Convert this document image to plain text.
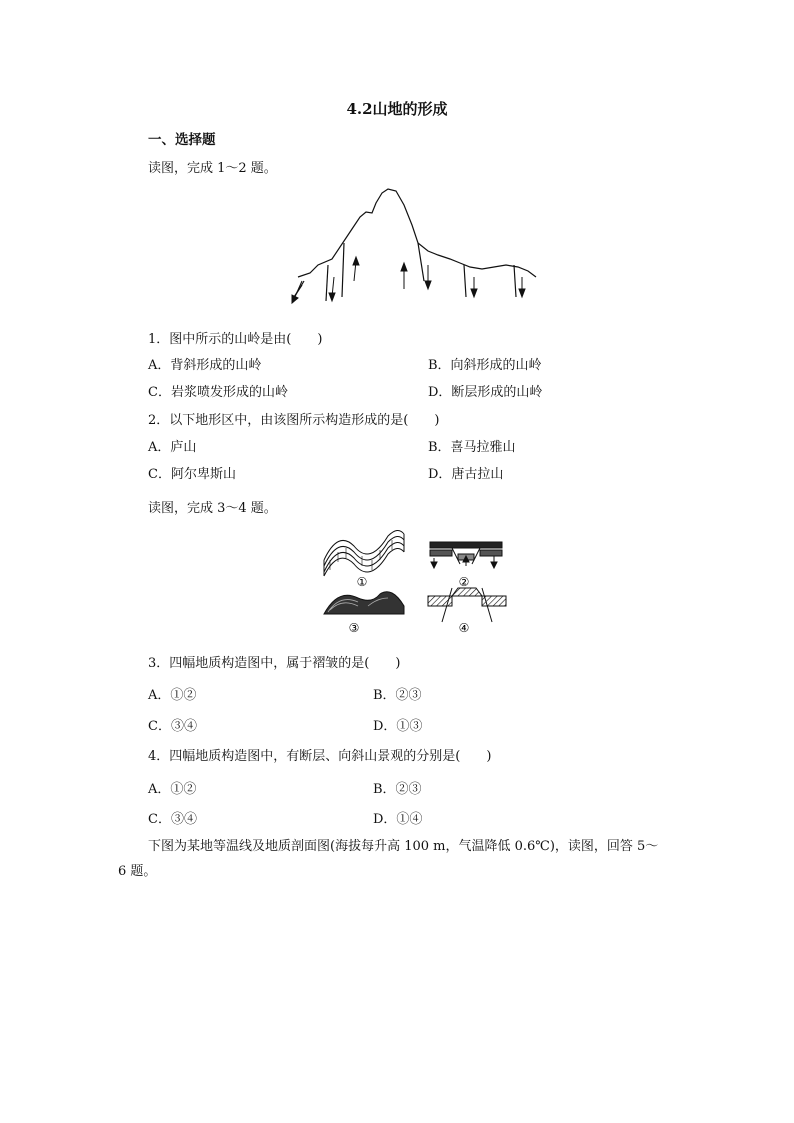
4.2山地的形成
一、选择题
读图，完成 1～2 题。
1．图中所示的山岭是由(　　)
A．背斜形成的山岭	B．向斜形成的山岭
C．岩浆喷发形成的山岭	D．断层形成的山岭
2．以下地形区中，由该图所示构造形成的是(　　)
A．庐山	B．喜马拉雅山
C．阿尔卑斯山	D．唐古拉山
读图，完成 3～4 题。
①	②
③	④
3．四幅地质构造图中，属于褶皱的是(　　)
A．①②	B．②③
C．③④	D．①③
4．四幅地质构造图中，有断层、向斜山景观的分别是(　　)
A．①②	B．②③
C．③④	D．①④
下图为某地等温线及地质剖面图(海拔每升高 100 m，气温降低 0.6℃)，读图，回答 5～
6 题。
